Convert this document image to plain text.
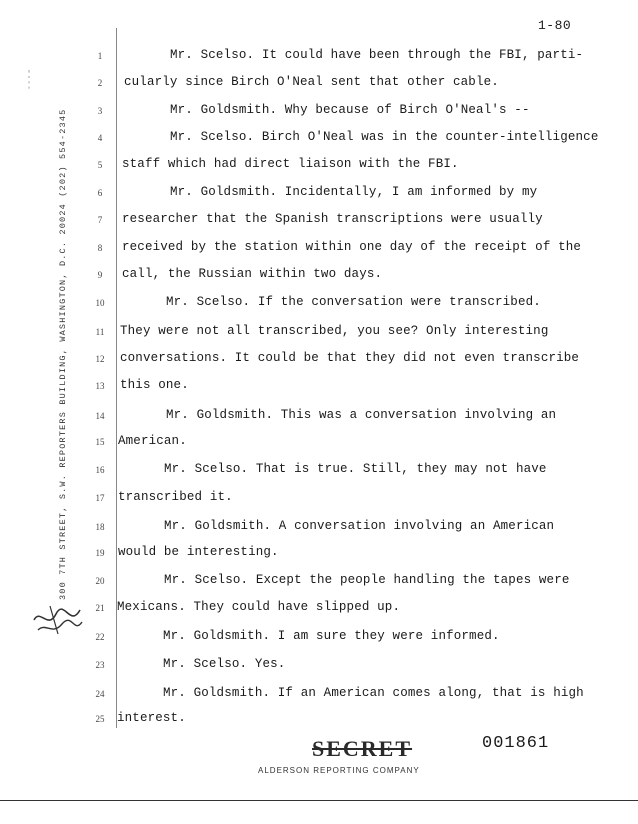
1-80
300 7TH STREET, S.W. REPORTERS BUILDING, WASHINGTON, D.C. 20024 (202) 554-2345
1	Mr. Scelso. It could have been through the FBI, parti-
2	cularly since Birch O'Neal sent that other cable.
3	Mr. Goldsmith. Why because of Birch O'Neal's --
4	Mr. Scelso. Birch O'Neal was in the counter-intelligence
5	staff which had direct liaison with the FBI.
6	Mr. Goldsmith. Incidentally, I am informed by my
7	researcher that the Spanish transcriptions were usually
8	received by the station within one day of the receipt of the
9	call, the Russian within two days.
10	Mr. Scelso. If the conversation were transcribed.
11 They were not all transcribed, you see? Only interesting
12 conversations. It could be that they did not even transcribe
13 this one.
14	Mr. Goldsmith. This was a conversation involving an
15 American.
16	Mr. Scelso. That is true. Still, they may not have
17 transcribed it.
18	Mr. Goldsmith. A conversation involving an American
19 would be interesting.
20	Mr. Scelso. Except the people handling the tapes were
21 Mexicans. They could have slipped up.
22	Mr. Goldsmith. I am sure they were informed.
23	Mr. Scelso. Yes.
24	Mr. Goldsmith. If an American comes along, that is high
25 interest.
SECRET	001861
ALDERSON REPORTING COMPANY
